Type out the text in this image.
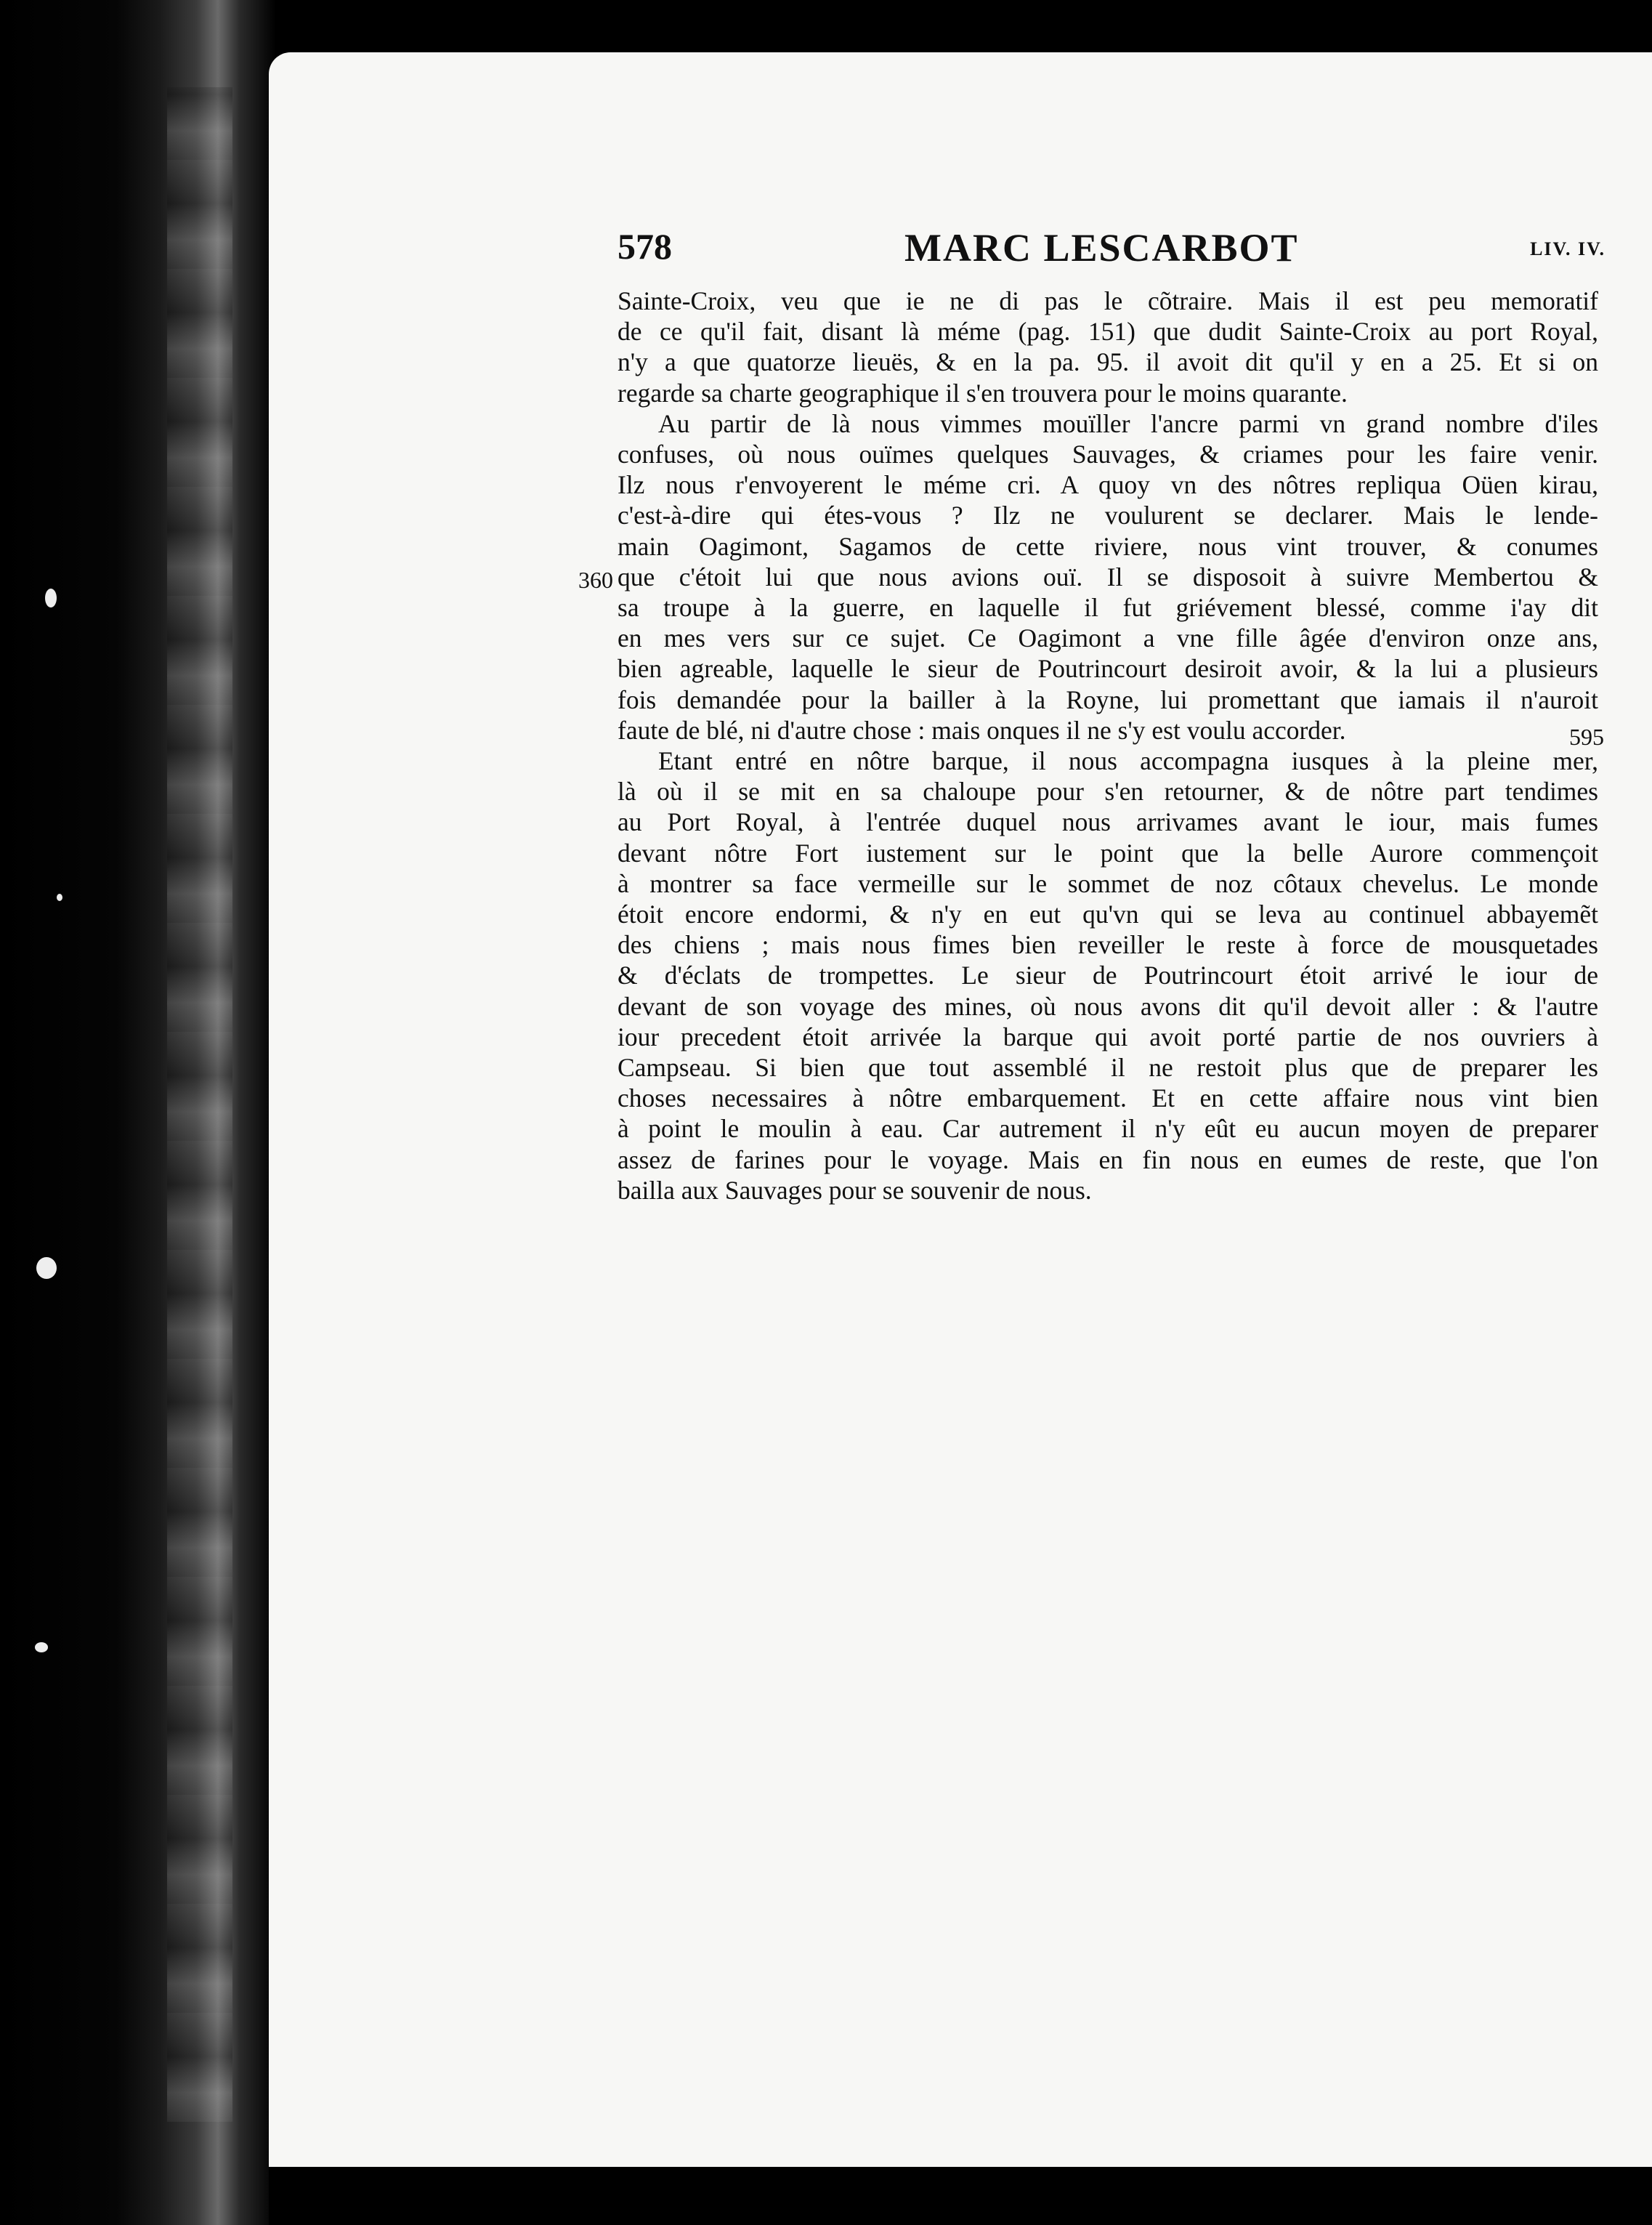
578	MARC LESCARBOT	LIV. IV.
360
595
Sainte-Croix, veu que ie ne di pas le cõtraire. Mais il est peu memoratif
de ce qu'il fait, disant là méme (pag. 151) que dudit Sainte-Croix au port Royal,
n'y a que quatorze lieuës, & en la pa. 95. il avoit dit qu'il y en a 25. Et si on
regarde sa charte geographique il s'en trouvera pour le moins quarante.
Au partir de là nous vimmes mouïller l'ancre parmi vn grand nombre d'iles
confuses, où nous ouïmes quelques Sauvages, & criames pour les faire venir.
Ilz nous r'envoyerent le méme cri. A quoy vn des nôtres repliqua Oüen kirau,
c'est-à-dire qui étes-vous ? Ilz ne voulurent se declarer. Mais le lende-
main Oagimont, Sagamos de cette riviere, nous vint trouver, & conumes
que c'étoit lui que nous avions ouï. Il se disposoit à suivre Membertou &
sa troupe à la guerre, en laquelle il fut griévement blessé, comme i'ay dit
en mes vers sur ce sujet. Ce Oagimont a vne fille âgée d'environ onze ans,
bien agreable, laquelle le sieur de Poutrincourt desiroit avoir, & la lui a plusieurs
fois demandée pour la bailler à la Royne, lui promettant que iamais il n'auroit
faute de blé, ni d'autre chose : mais onques il ne s'y est voulu accorder.
Etant entré en nôtre barque, il nous accompagna iusques à la pleine mer,
là où il se mit en sa chaloupe pour s'en retourner, & de nôtre part tendimes
au Port Royal, à l'entrée duquel nous arrivames avant le iour, mais fumes
devant nôtre Fort iustement sur le point que la belle Aurore commençoit
à montrer sa face vermeille sur le sommet de noz côtaux chevelus. Le monde
étoit encore endormi, & n'y en eut qu'vn qui se leva au continuel abbayemẽt
des chiens ; mais nous fimes bien reveiller le reste à force de mousquetades
& d'éclats de trompettes. Le sieur de Poutrincourt étoit arrivé le iour de
devant de son voyage des mines, où nous avons dit qu'il devoit aller : & l'autre
iour precedent étoit arrivée la barque qui avoit porté partie de nos ouvriers à
Campseau. Si bien que tout assemblé il ne restoit plus que de preparer les
choses necessaires à nôtre embarquement. Et en cette affaire nous vint bien
à point le moulin à eau. Car autrement il n'y eût eu aucun moyen de preparer
assez de farines pour le voyage. Mais en fin nous en eumes de reste, que l'on
bailla aux Sauvages pour se souvenir de nous.
